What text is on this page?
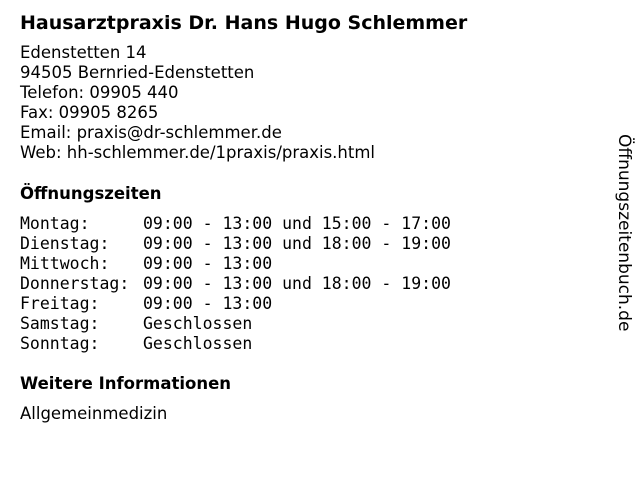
Hausarztpraxis Dr. Hans Hugo Schlemmer
Edenstetten 14
94505 Bernried-Edenstetten
Telefon: 09905 440
Fax: 09905 8265
Email: praxis@dr-schlemmer.de
Web: hh-schlemmer.de/1praxis/praxis.html
Öffnungszeiten
Montag:	09:00 - 13:00 und 15:00 - 17:00
Dienstag: 09:00 - 13:00 und 18:00 - 19:00
Mittwoch: 09:00 - 13:00
Donnerstag: 09:00 - 13:00 und 18:00 - 19:00
Freitag:	09:00 - 13:00
Samstag:	Geschlossen
Sonntag:	Geschlossen
Weitere Informationen
Allgemeinmedizin
Öffnungszeitenbuch.de
